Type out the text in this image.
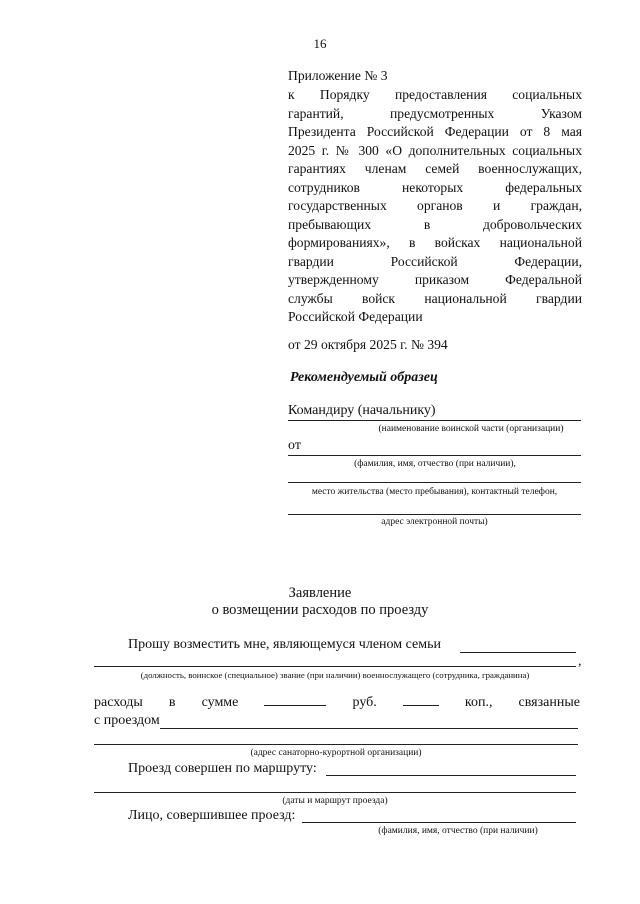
16
Приложение № 3
к Порядку предоставления социальных
гарантий, предусмотренных Указом
Президента Российской Федерации от 8 мая
2025 г. № 300 «О дополнительных социальных
гарантиях членам семей военнослужащих,
сотрудников некоторых федеральных
государственных органов и граждан,
пребывающих в добровольческих
формированиях», в войсках национальной
гвардии Российской Федерации,
утвержденному приказом Федеральной
службы войск национальной гвардии
Российской Федерации
от 29 октября 2025 г. № 394
Рекомендуемый образец
Командиру (начальнику)
(наименование воинской части (организации)
от
(фамилия, имя, отчество (при наличии),
место жительства (место пребывания), контактный телефон,
адрес электронной почты)
Заявление
о возмещении расходов по проезду
Прошу возместить мне, являющемуся членом семьи
,
(должность, воинское (специальное) звание (при наличии) военнослужащего (сотрудника, гражданина)
расходы в сумме	руб.	коп., связанные
с проездом
(адрес санаторно-курортной организации)
Проезд совершен по маршруту:
(даты и маршрут проезда)
Лицо, совершившее проезд:
(фамилия, имя, отчество (при наличии)
